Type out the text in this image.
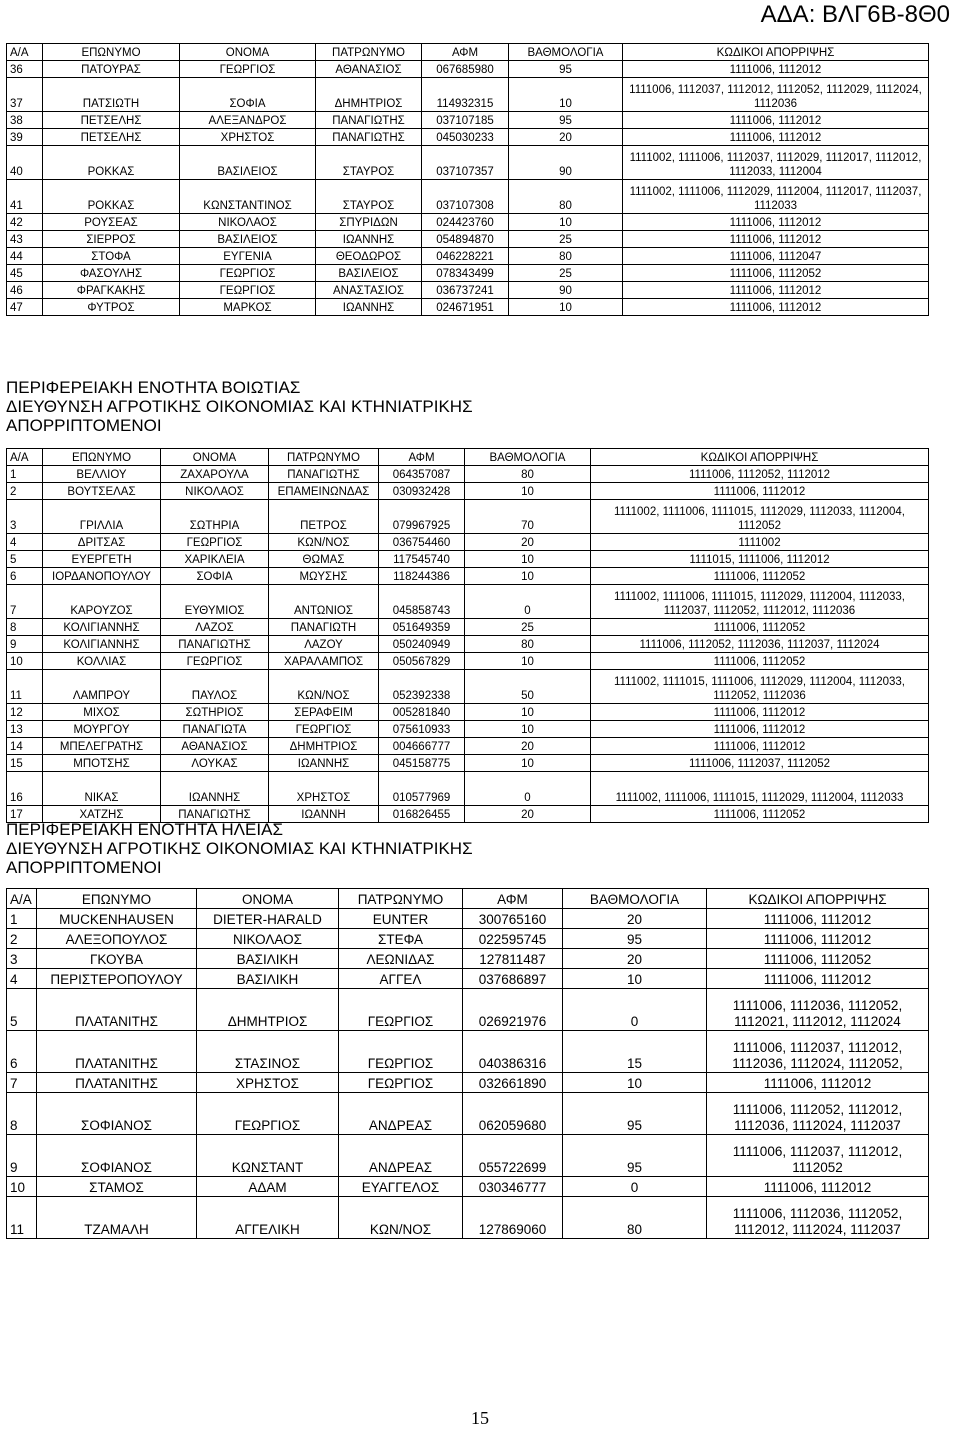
ΑΔΑ: ΒΛΓ6Β-8Θ0
Α/Α	ΕΠΩΝΥΜΟ	ΟΝΟΜΑ	ΠΑΤΡΩΝΥΜΟ	ΑΦΜ	ΒΑΘΜΟΛΟΓΙΑ	ΚΩΔΙΚΟΙ ΑΠΟΡΡΙΨΗΣ
36	ΠΑΤΟΥΡΑΣ	ΓΕΩΡΓΙΟΣ	ΑΘΑΝΑΣΙΟΣ	067685980	95	1111006, 1112012
37	ΠΑΤΣΙΩΤΗ	ΣΟΦΙΑ	ΔΗΜΗΤΡΙΟΣ	114932315	10	1111006, 1112037, 1112012, 1112052, 1112029, 1112024, 1112036
38	ΠΕΤΣΕΛΗΣ	ΑΛΕΞΑΝΔΡΟΣ	ΠΑΝΑΓΙΩΤΗΣ	037107185	95	1111006, 1112012
39	ΠΕΤΣΕΛΗΣ	ΧΡΗΣΤΟΣ	ΠΑΝΑΓΙΩΤΗΣ	045030233	20	1111006, 1112012
40	ΡΟΚΚΑΣ	ΒΑΣΙΛΕΙΟΣ	ΣΤΑΥΡΟΣ	037107357	90	1111002, 1111006, 1112037, 1112029, 1112017, 1112012, 1112033, 1112004
41	ΡΟΚΚΑΣ	ΚΩΝΣΤΑΝΤΙΝΟΣ	ΣΤΑΥΡΟΣ	037107308	80	1111002, 1111006, 1112029, 1112004, 1112017, 1112037, 1112033
42	ΡΟΥΣΕΑΣ	ΝΙΚΟΛΑΟΣ	ΣΠΥΡΙΔΩΝ	024423760	10	1111006, 1112012
43	ΣΙΕΡΡΟΣ	ΒΑΣΙΛΕΙΟΣ	ΙΩΑΝΝΗΣ	054894870	25	1111006, 1112012
44	ΣΤΟΦΑ	ΕΥΓΕΝΙΑ	ΘΕΟΔΩΡΟΣ	046228221	80	1111006, 1112047
45	ΦΑΣΟΥΛΗΣ	ΓΕΩΡΓΙΟΣ	ΒΑΣΙΛΕΙΟΣ	078343499	25	1111006, 1112052
46	ΦΡΑΓΚΑΚΗΣ	ΓΕΩΡΓΙΟΣ	ΑΝΑΣΤΑΣΙΟΣ	036737241	90	1111006, 1112012
47	ΦΥΤΡΟΣ	ΜΑΡΚΟΣ	ΙΩΑΝΝΗΣ	024671951	10	1111006, 1112012
ΠΕΡΙΦΕΡΕΙΑΚΗ ΕΝΟΤΗΤΑ ΒΟΙΩΤΙΑΣ
ΔΙΕΥΘΥΝΣΗ ΑΓΡΟΤΙΚΗΣ ΟΙΚΟΝΟΜΙΑΣ ΚΑΙ ΚΤΗΝΙΑΤΡΙΚΗΣ
ΑΠΟΡΡΙΠΤΟΜΕΝΟΙ
Α/Α	ΕΠΩΝΥΜΟ	ΟΝΟΜΑ	ΠΑΤΡΩΝΥΜΟ	ΑΦΜ	ΒΑΘΜΟΛΟΓΙΑ	ΚΩΔΙΚΟΙ ΑΠΟΡΡΙΨΗΣ
1	ΒΕΛΛΙΟΥ	ΖΑΧΑΡΟΥΛΑ	ΠΑΝΑΓΙΩΤΗΣ	064357087	80	1111006, 1112052, 1112012
2	ΒΟΥΤΣΕΛΑΣ	ΝΙΚΟΛΑΟΣ	ΕΠΑΜΕΙΝΩΝΔΑΣ	030932428	10	1111006, 1112012
3	ΓΡΙΛΛΙΑ	ΣΩΤΗΡΙΑ	ΠΕΤΡΟΣ	079967925	70	1111002, 1111006, 1111015, 1112029, 1112033, 1112004, 1112052
4	ΔΡΙΤΣΑΣ	ΓΕΩΡΓΙΟΣ	ΚΩΝ/ΝΟΣ	036754460	20	1111002
5	ΕΥΕΡΓΕΤΗ	ΧΑΡΙΚΛΕΙΑ	ΘΩΜΑΣ	117545740	10	1111015, 1111006, 1112012
6	ΙΟΡΔΑΝΟΠΟΥΛΟΥ	ΣΟΦΙΑ	ΜΩΥΣΗΣ	118244386	10	1111006, 1112052
7	ΚΑΡΟΥΖΟΣ	ΕΥΘΥΜΙΟΣ	ΑΝΤΩΝΙΟΣ	045858743	0	1111002, 1111006, 1111015, 1112029, 1112004, 1112033, 1112037, 1112052, 1112012, 1112036
8	ΚΟΛΙΓΙΑΝΝΗΣ	ΛΑΖΟΣ	ΠΑΝΑΓΙΩΤΗ	051649359	25	1111006, 1112052
9	ΚΟΛΙΓΙΑΝΝΗΣ	ΠΑΝΑΓΙΩΤΗΣ	ΛΑΖΟΥ	050240949	80	1111006, 1112052, 1112036, 1112037, 1112024
10	ΚΟΛΛΙΑΣ	ΓΕΩΡΓΙΟΣ	ΧΑΡΑΛΑΜΠΟΣ	050567829	10	1111006, 1112052
11	ΛΑΜΠΡΟΥ	ΠΑΥΛΟΣ	ΚΩΝ/ΝΟΣ	052392338	50	1111002, 1111015, 1111006, 1112029, 1112004, 1112033, 1112052, 1112036
12	ΜΙΧΟΣ	ΣΩΤΗΡΙΟΣ	ΣΕΡΑΦΕΙΜ	005281840	10	1111006, 1112012
13	ΜΟΥΡΓΟΥ	ΠΑΝΑΓΙΩΤΑ	ΓΕΩΡΓΙΟΣ	075610933	10	1111006, 1112012
14	ΜΠΕΛΕΓΡΑΤΗΣ	ΑΘΑΝΑΣΙΟΣ	ΔΗΜΗΤΡΙΟΣ	004666777	20	1111006, 1112012
15	ΜΠΟΤΣΗΣ	ΛΟΥΚΑΣ	ΙΩΑΝΝΗΣ	045158775	10	1111006, 1112037, 1112052
16	ΝΙΚΑΣ	ΙΩΑΝΝΗΣ	ΧΡΗΣΤΟΣ	010577969	0	1111002, 1111006, 1111015, 1112029, 1112004, 1112033
17	ΧΑΤΖΗΣ	ΠΑΝΑΓΙΩΤΗΣ	ΙΩΑΝΝΗ	016826455	20	1111006, 1112052
ΠΕΡΙΦΕΡΕΙΑΚΗ ΕΝΟΤΗΤΑ ΗΛΕΙΑΣ
ΔΙΕΥΘΥΝΣΗ ΑΓΡΟΤΙΚΗΣ ΟΙΚΟΝΟΜΙΑΣ ΚΑΙ ΚΤΗΝΙΑΤΡΙΚΗΣ
ΑΠΟΡΡΙΠΤΟΜΕΝΟΙ
Α/Α	ΕΠΩΝΥΜΟ	ΟΝΟΜΑ	ΠΑΤΡΩΝΥΜΟ	ΑΦΜ	ΒΑΘΜΟΛΟΓΙΑ	ΚΩΔΙΚΟΙ ΑΠΟΡΡΙΨΗΣ
1	MUCKENHAUSEN	DIETER-HARALD	EUNTER	300765160	20	1111006, 1112012
2	ΑΛΕΞΟΠΟΥΛΟΣ	ΝΙΚΟΛΑΟΣ	ΣΤΕΦΑ	022595745	95	1111006, 1112012
3	ΓΚΟΥΒΑ	ΒΑΣΙΛΙΚΗ	ΛΕΩΝΙΔΑΣ	127811487	20	1111006, 1112052
4	ΠΕΡΙΣΤΕΡΟΠΟΥΛΟΥ	ΒΑΣΙΛΙΚΗ	ΑΓΓΕΛ	037686897	10	1111006, 1112012
5	ΠΛΑΤΑΝΙΤΗΣ	ΔΗΜΗΤΡΙΟΣ	ΓΕΩΡΓΙΟΣ	026921976	0	1111006, 1112036, 1112052, 1112021, 1112012, 1112024
6	ΠΛΑΤΑΝΙΤΗΣ	ΣΤΑΣΙΝΟΣ	ΓΕΩΡΓΙΟΣ	040386316	15	1111006, 1112037, 1112012, 1112036, 1112024, 1112052,
7	ΠΛΑΤΑΝΙΤΗΣ	ΧΡΗΣΤΟΣ	ΓΕΩΡΓΙΟΣ	032661890	10	1111006, 1112012
8	ΣΟΦΙΑΝΟΣ	ΓΕΩΡΓΙΟΣ	ΑΝΔΡΕΑΣ	062059680	95	1111006, 1112052, 1112012, 1112036, 1112024, 1112037
9	ΣΟΦΙΑΝΟΣ	ΚΩΝΣΤΑΝΤ	ΑΝΔΡΕΑΣ	055722699	95	1111006, 1112037, 1112012, 1112052
10	ΣΤΑΜΟΣ	ΑΔΑΜ	ΕΥΑΓΓΕΛΟΣ	030346777	0	1111006, 1112012
11	ΤΖΑΜΑΛΗ	ΑΓΓΕΛΙΚΗ	ΚΩΝ/ΝΟΣ	127869060	80	1111006, 1112036, 1112052, 1112012, 1112024, 1112037
15
